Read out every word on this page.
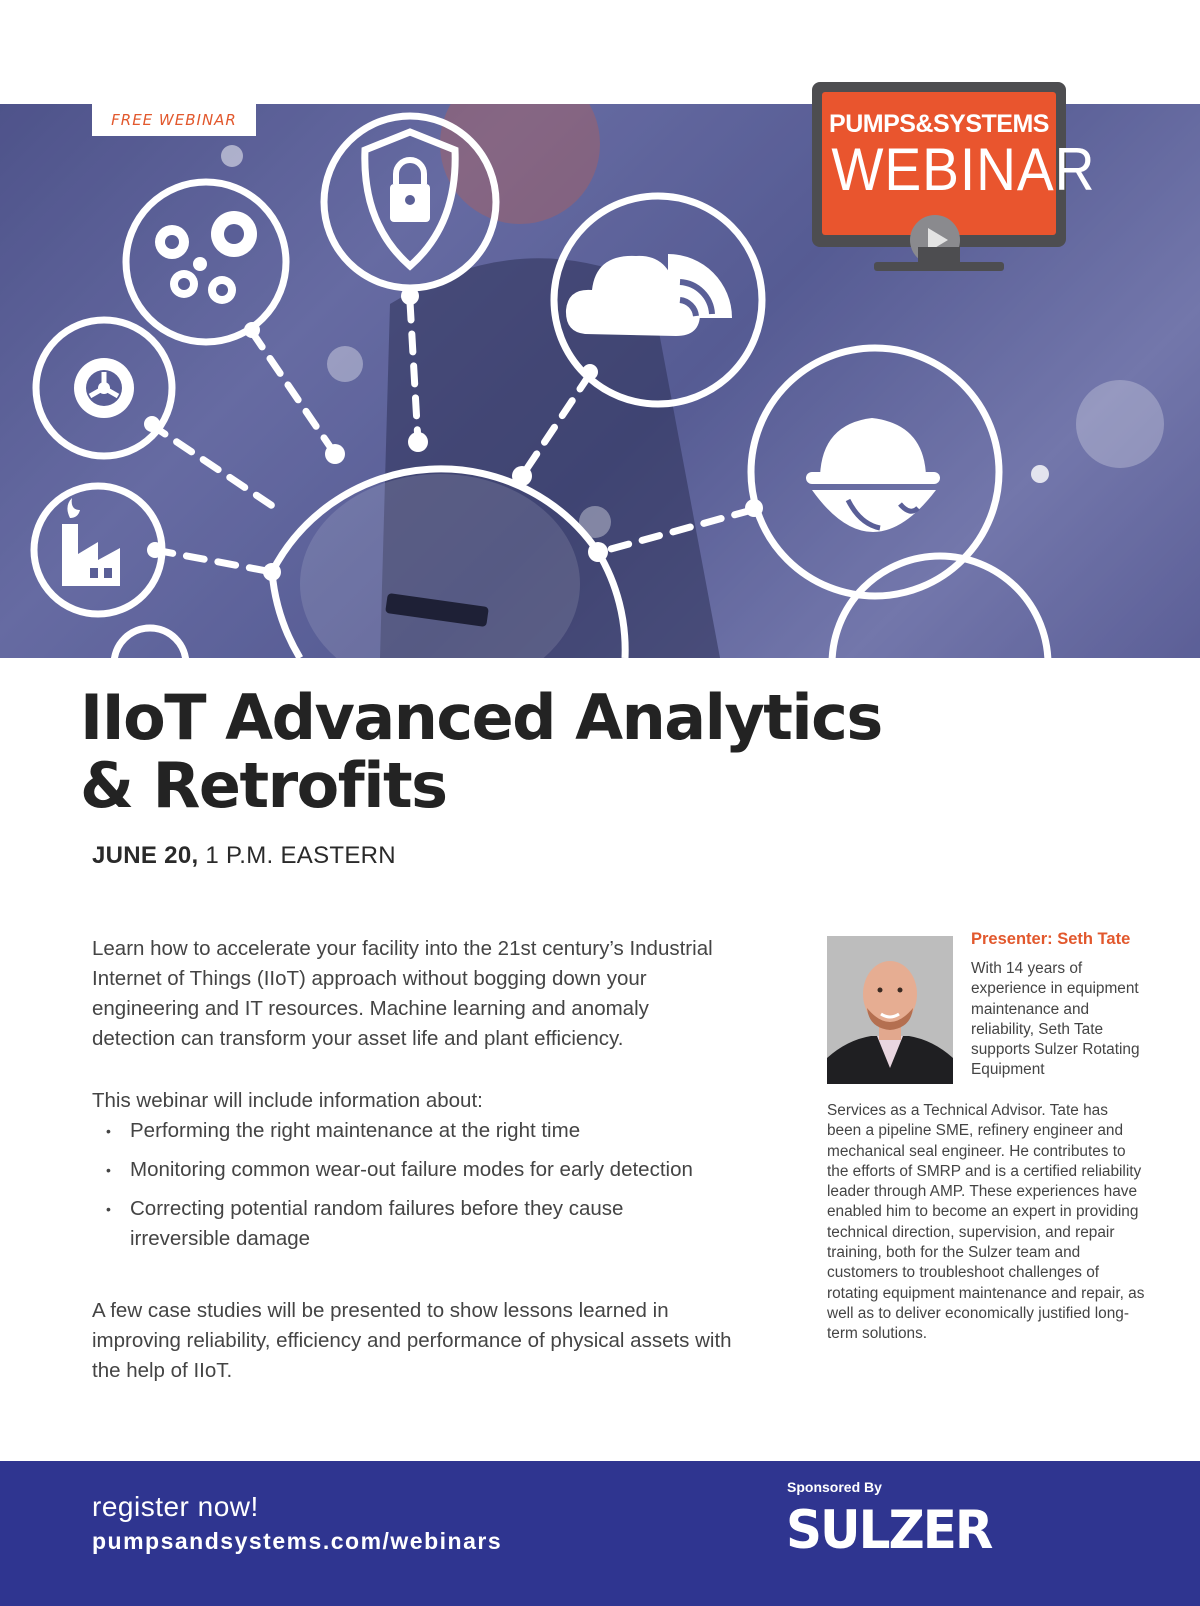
FREE WEBINAR	PUMPS&SYSTEMS
WEBINAR
IIoT Advanced Analytics
& Retrofits
JUNE 20, 1 P.M. EASTERN

Learn how to accelerate your facility into the 21st century’s Industrial Internet of Things (IIoT) approach without bogging down your engineering and IT resources. Machine learning and anomaly detection can transform your asset life and plant efficiency.

This webinar will include information about:

• Performing the right maintenance at the right time
• Monitoring common wear-out failure modes for early detection
• Correcting potential random failures before they cause irreversible damage

A few case studies will be presented to show lessons learned in improving reliability, efficiency and performance of physical assets with the help of IIoT.

Presenter: Seth Tate

With 14 years of experience in equipment maintenance and reliability, Seth Tate supports Sulzer Rotating Equipment

Services as a Technical Advisor. Tate has been a pipeline SME, refinery engineer and mechanical seal engineer. He contributes to the efforts of SMRP and is a certified reliability leader through AMP. These experiences have enabled him to become an expert in providing technical direction, supervision, and repair training, both for the Sulzer team and customers to troubleshoot challenges of rotating equipment maintenance and repair, as well as to deliver economically justified long-term solutions.

register now!
pumpsandsystems.com/webinars
Sponsored By
SULZER
